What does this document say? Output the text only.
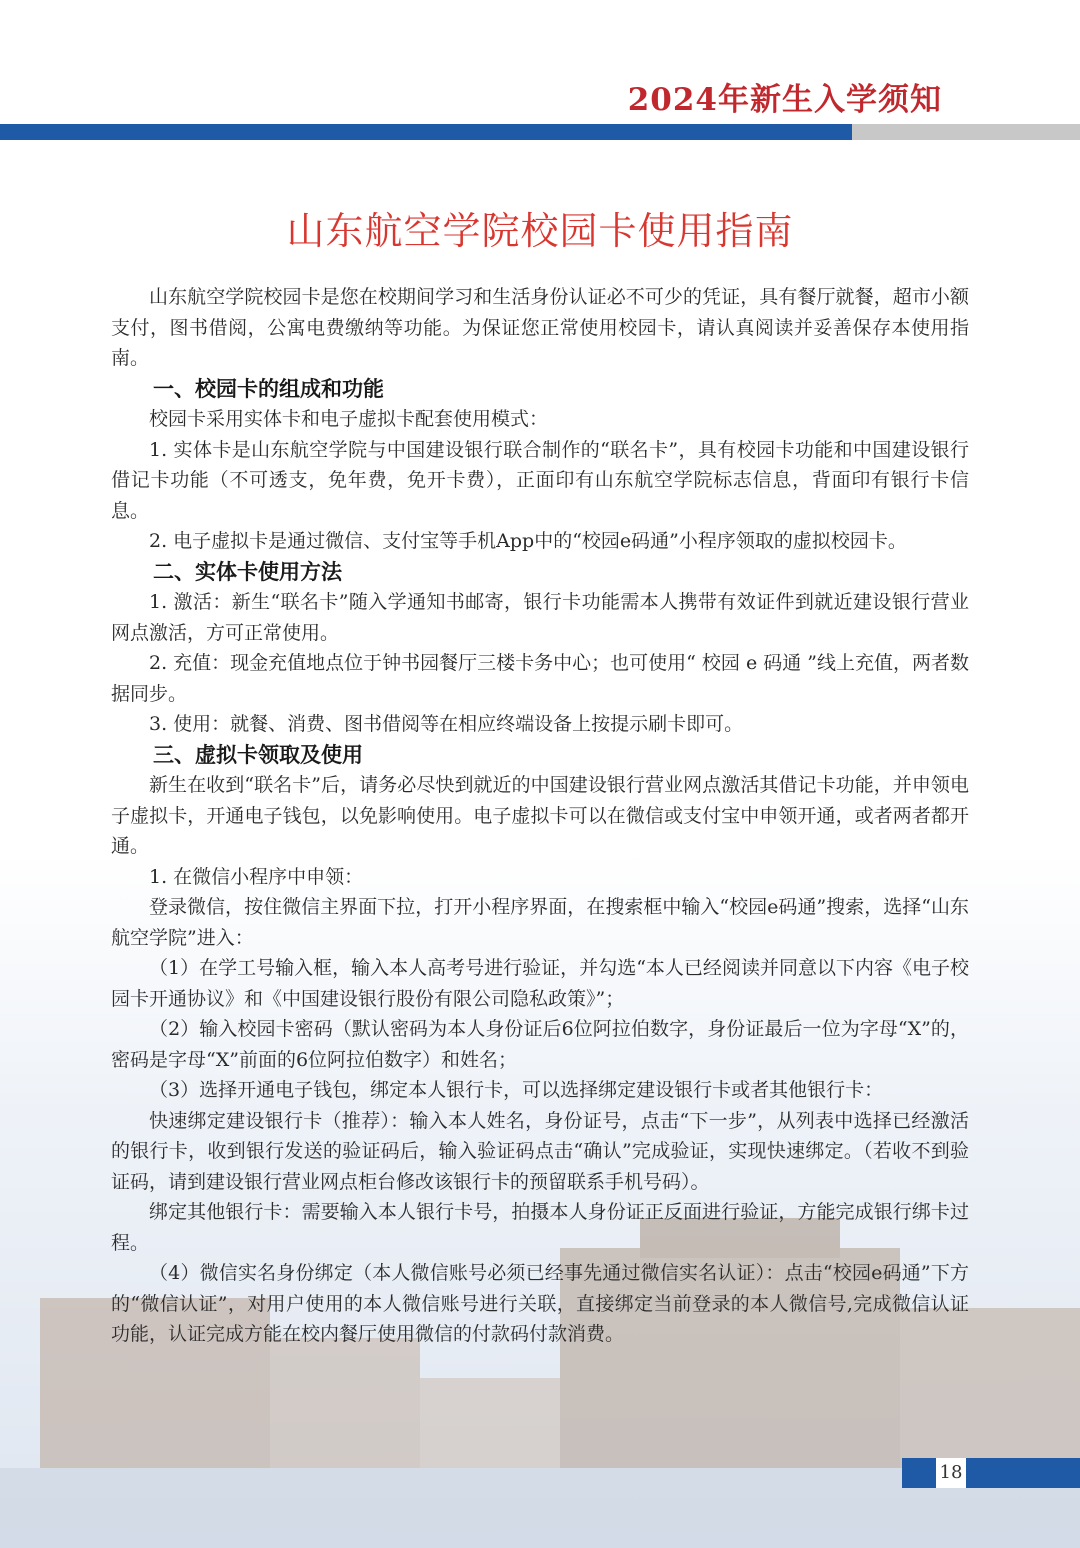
2024年新生入学须知
山东航空学院校园卡使用指南

山东航空学院校园卡是您在校期间学习和生活身份认证必不可少的凭证，具有餐厅就餐，超市小额支付，图书借阅，公寓电费缴纳等功能。为保证您正常使用校园卡，请认真阅读并妥善保存本使用指南。

一、校园卡的组成和功能

校园卡采用实体卡和电子虚拟卡配套使用模式：

1. 实体卡是山东航空学院与中国建设银行联合制作的“联名卡”，具有校园卡功能和中国建设银行借记卡功能（不可透支，免年费，免开卡费），正面印有山东航空学院标志信息，背面印有银行卡信息。

2. 电子虚拟卡是通过微信、支付宝等手机App中的“校园e码通”小程序领取的虚拟校园卡。

二、实体卡使用方法

1. 激活：新生“联名卡”随入学通知书邮寄，银行卡功能需本人携带有效证件到就近建设银行营业网点激活，方可正常使用。

2. 充值：现金充值地点位于钟书园餐厅三楼卡务中心；也可使用“ 校园 e 码通 ”线上充值，两者数据同步。

3. 使用：就餐、消费、图书借阅等在相应终端设备上按提示刷卡即可。

三、虚拟卡领取及使用

新生在收到“联名卡”后，请务必尽快到就近的中国建设银行营业网点激活其借记卡功能，并申领电子虚拟卡，开通电子钱包，以免影响使用。电子虚拟卡可以在微信或支付宝中申领开通，或者两者都开通。

1. 在微信小程序中申领：

登录微信，按住微信主界面下拉，打开小程序界面，在搜索框中输入“校园e码通”搜索，选择“山东航空学院”进入：

（1）在学工号输入框，输入本人高考号进行验证，并勾选“本人已经阅读并同意以下内容《电子校园卡开通协议》和《中国建设银行股份有限公司隐私政策》”；

（2）输入校园卡密码（默认密码为本人身份证后6位阿拉伯数字，身份证最后一位为字母“X”的，密码是字母“X”前面的6位阿拉伯数字）和姓名；

（3）选择开通电子钱包，绑定本人银行卡，可以选择绑定建设银行卡或者其他银行卡：

快速绑定建设银行卡（推荐）：输入本人姓名，身份证号，点击“下一步”，从列表中选择已经激活的银行卡，收到银行发送的验证码后，输入验证码点击“确认”完成验证，实现快速绑定。（若收不到验证码，请到建设银行营业网点柜台修改该银行卡的预留联系手机号码）。

绑定其他银行卡：需要输入本人银行卡号，拍摄本人身份证正反面进行验证，方能完成银行绑卡过程。

（4）微信实名身份绑定（本人微信账号必须已经事先通过微信实名认证）：点击“校园e码通”下方的“微信认证”，对用户使用的本人微信账号进行关联，直接绑定当前登录的本人微信号,完成微信认证功能，认证完成方能在校内餐厅使用微信的付款码付款消费。

18
